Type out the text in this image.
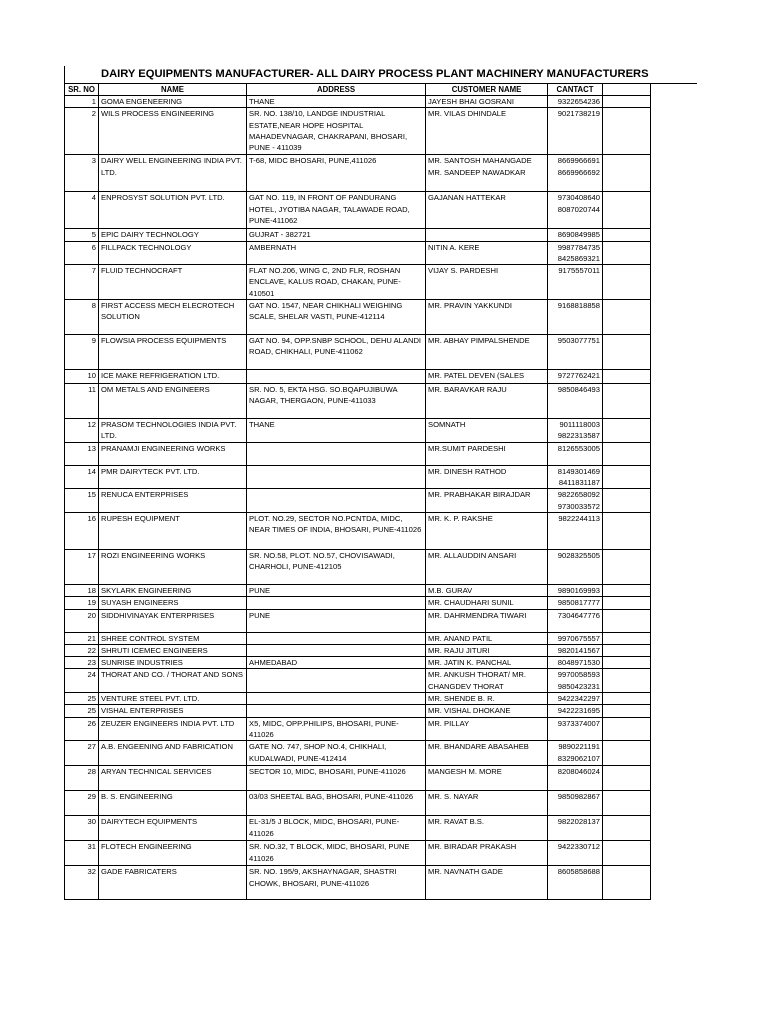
DAIRY EQUIPMENTS MANUFACTURER- ALL DAIRY PROCESS PLANT MACHINERY MANUFACTURERS
SR. NO	NAME	ADDRESS	CUSTOMER NAME	CANTACT	
1	GOMA ENGENEERING	THANE	JAYESH BHAI GOSRANI	9322654236	
2	WILS PROCESS ENGINEERING	SR. NO. 138/10, LANDGE INDUSTRIAL ESTATE,NEAR HOPE HOSPITAL MAHADEVNAGAR, CHAKRAPANI, BHOSARI, PUNE - 411039	MR. VILAS DHINDALE	9021738219	
3	DAIRY WELL ENGINEERING INDIA PVT. LTD.	T-68, MIDC BHOSARI, PUNE,411026	MR. SANTOSH MAHANGADE MR. SANDEEP NAWADKAR	8669966691 8669966692	
4	ENPROSYST SOLUTION PVT. LTD.	GAT NO. 119, IN FRONT OF PANDURANG HOTEL, JYOTIBA NAGAR, TALAWADE ROAD, PUNE-411062	GAJANAN HATTEKAR	9730408640 8087020744	
5	EPIC DAIRY TECHNOLOGY	GUJRAT - 382721		8690849985	
6	FILLPACK TECHNOLOGY	AMBERNATH	NITIN A. KERE	9987784735 8425869321	
7	FLUID TECHNOCRAFT	FLAT NO.206, WING C, 2ND FLR, ROSHAN ENCLAVE, KALUS ROAD, CHAKAN, PUNE-410501	VIJAY S. PARDESHI	9175557011	
8	FIRST ACCESS MECH ELECROTECH SOLUTION	GAT NO. 1547, NEAR CHIKHALI WEIGHING SCALE, SHELAR VASTI, PUNE-412114	MR. PRAVIN YAKKUNDI	9168818858	
9	FLOWSIA PROCESS EQUIPMENTS	GAT NO. 94, OPP.SNBP SCHOOL, DEHU ALANDI ROAD, CHIKHALI, PUNE-411062	MR. ABHAY PIMPALSHENDE	9503077751	
10	ICE MAKE REFRIGERATION LTD.		MR. PATEL DEVEN (SALES	9727762421	
11	OM METALS AND ENGINEERS	SR. NO. 5, EKTA HSG. SO.BQAPUJIBUWA NAGAR, THERGAON, PUNE-411033	MR. BARAVKAR RAJU	9850846493	
12	PRASOM TECHNOLOGIES INDIA PVT. LTD.	THANE	SOMNATH	9011118003 9822313587	
13	PRANAMJI ENGINEERING WORKS		MR.SUMIT PARDESHI	8126553005	
14	PMR DAIRYTECK PVT. LTD.		MR. DINESH RATHOD	8149301469 8411831187	
15	RENUCA ENTERPRISES		MR. PRABHAKAR BIRAJDAR	9822658092 9730033572	
16	RUPESH EQUIPMENT	PLOT. NO.29, SECTOR NO.PCNTDA, MIDC, NEAR TIMES OF INDIA, BHOSARI, PUNE-411026	MR. K. P. RAKSHE	9822244113	
17	ROZI ENGINEERING WORKS	SR. NO.58, PLOT. NO.57, CHOVISAWADI, CHARHOLI, PUNE-412105	MR. ALLAUDDIN ANSARI	9028325505	
18	SKYLARK ENGINEERING	PUNE	M.B. GURAV	9890169993	
19	SUYASH ENGINEERS		MR. CHAUDHARI SUNIL	9850817777	
20	SIDDHIVINAYAK ENTERPRISES	PUNE	MR. DAHRMENDRA TIWARI	7304647776	
21	SHREE CONTROL SYSTEM		MR. ANAND PATIL	9970675557	
22	SHRUTI ICEMEC ENGINEERS		MR. RAJU JITURI	9820141567	
23	SUNRISE INDUSTRIES	AHMEDABAD	MR. JATIN K. PANCHAL	8048971530	
24	THORAT AND CO. / THORAT AND SONS		MR. ANKUSH THORAT/ MR. CHANGDEV THORAT	9970058593 9850423231	
25	VENTURE STEEL PVT. LTD.		MR. SHENDE B. R.	9422342297	
25	VISHAL ENTERPRISES		MR. VISHAL DHOKANE	9422231695	
26	ZEUZER ENGINEERS INDIA PVT. LTD	X5, MIDC, OPP.PHILIPS, BHOSARI, PUNE-411026	MR. PILLAY	9373374007	
27	A.B. ENGEENING AND FABRICATION	GATE NO. 747, SHOP NO.4, CHIKHALI, KUDALWADI, PUNE-412414	MR. BHANDARE ABASAHEB	9890221191 8329062107	
28	ARYAN TECHNICAL SERVICES	SECTOR 10, MIDC, BHOSARI, PUNE-411026	MANGESH M. MORE	8208046024	
29	B. S. ENGINEERING	03/03 SHEETAL BAG, BHOSARI, PUNE-411026	MR. S. NAYAR	9850982867	
30	DAIRYTECH EQUIPMENTS	EL-31/5 J BLOCK, MIDC, BHOSARI, PUNE-411026	MR. RAVAT B.S.	9822028137	
31	FLOTECH ENGINEERING	SR. NO.32, T BLOCK, MIDC, BHOSARI, PUNE 411026	MR. BIRADAR PRAKASH	9422330712	
32	GADE FABRICATERS	SR. NO. 195/9, AKSHAYNAGAR, SHASTRI CHOWK, BHOSARI, PUNE-411026	MR. NAVNATH GADE	8605858688	
